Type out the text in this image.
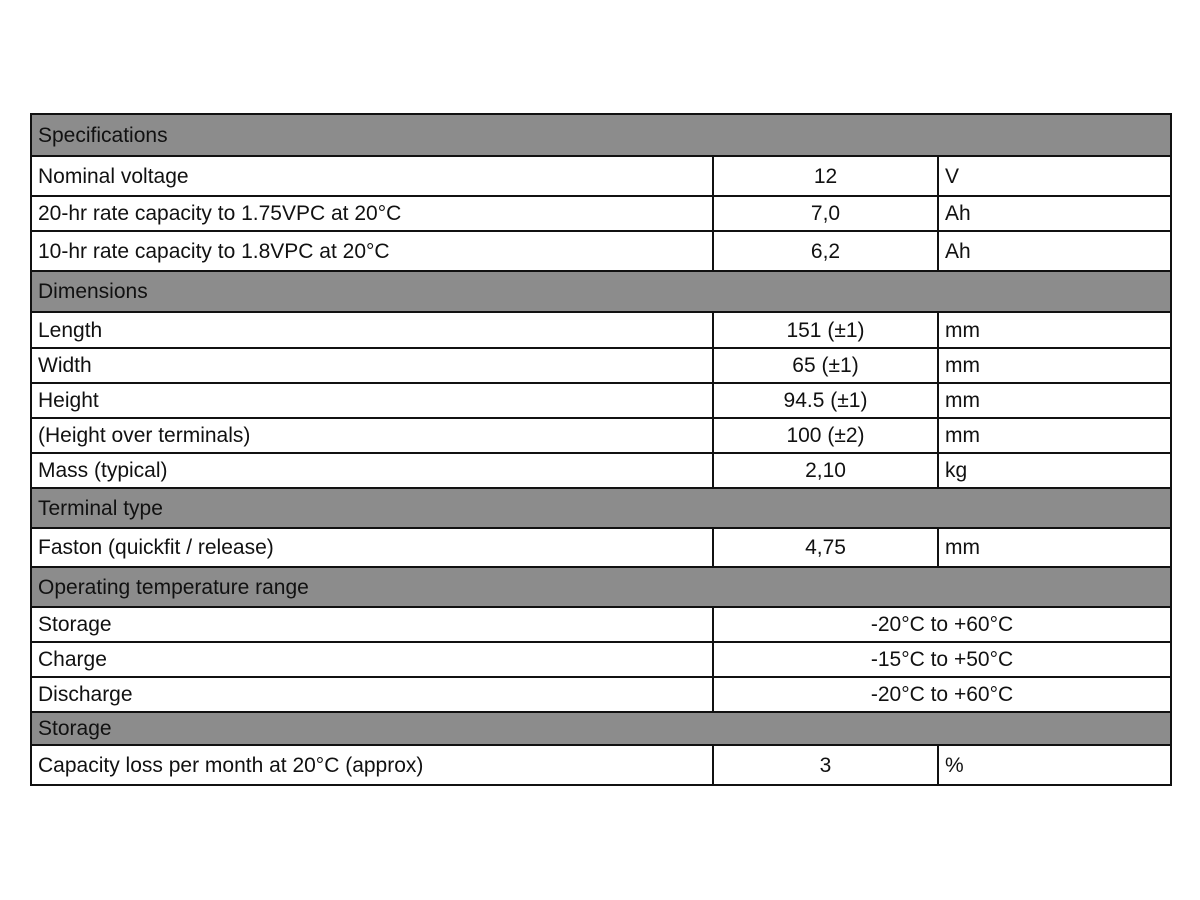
Specifications		
Nominal voltage	12	V
20-hr rate capacity to 1.75VPC at 20°C	7,0	Ah
10-hr rate capacity to 1.8VPC at 20°C	6,2	Ah
Dimensions		
Length	151 (±1)	mm
Width	65 (±1)	mm
Height	94.5 (±1)	mm
(Height over terminals)	100 (±2)	mm
Mass (typical)	2,10	kg
Terminal type		
Faston (quickfit / release)	4,75	mm
Operating temperature range		
Storage	-20°C to +60°C	
Charge	-15°C to +50°C	
Discharge	-20°C to +60°C	
Storage		
Capacity loss per month at 20°C (approx)	3	%
